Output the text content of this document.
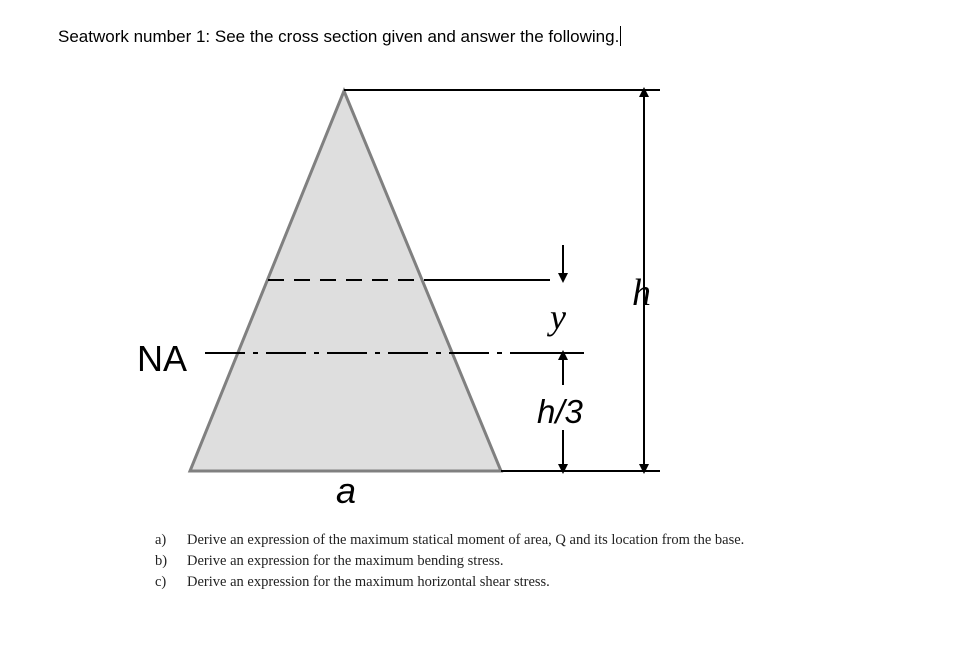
Seatwork number 1: See the cross section given and answer the following.
NA
h
y
h/3
a
a)	Derive an expression of the maximum statical moment of area, Q and its location from the base.
b)	Derive an expression for the maximum bending stress.
c)	Derive an expression for the maximum horizontal shear stress.
